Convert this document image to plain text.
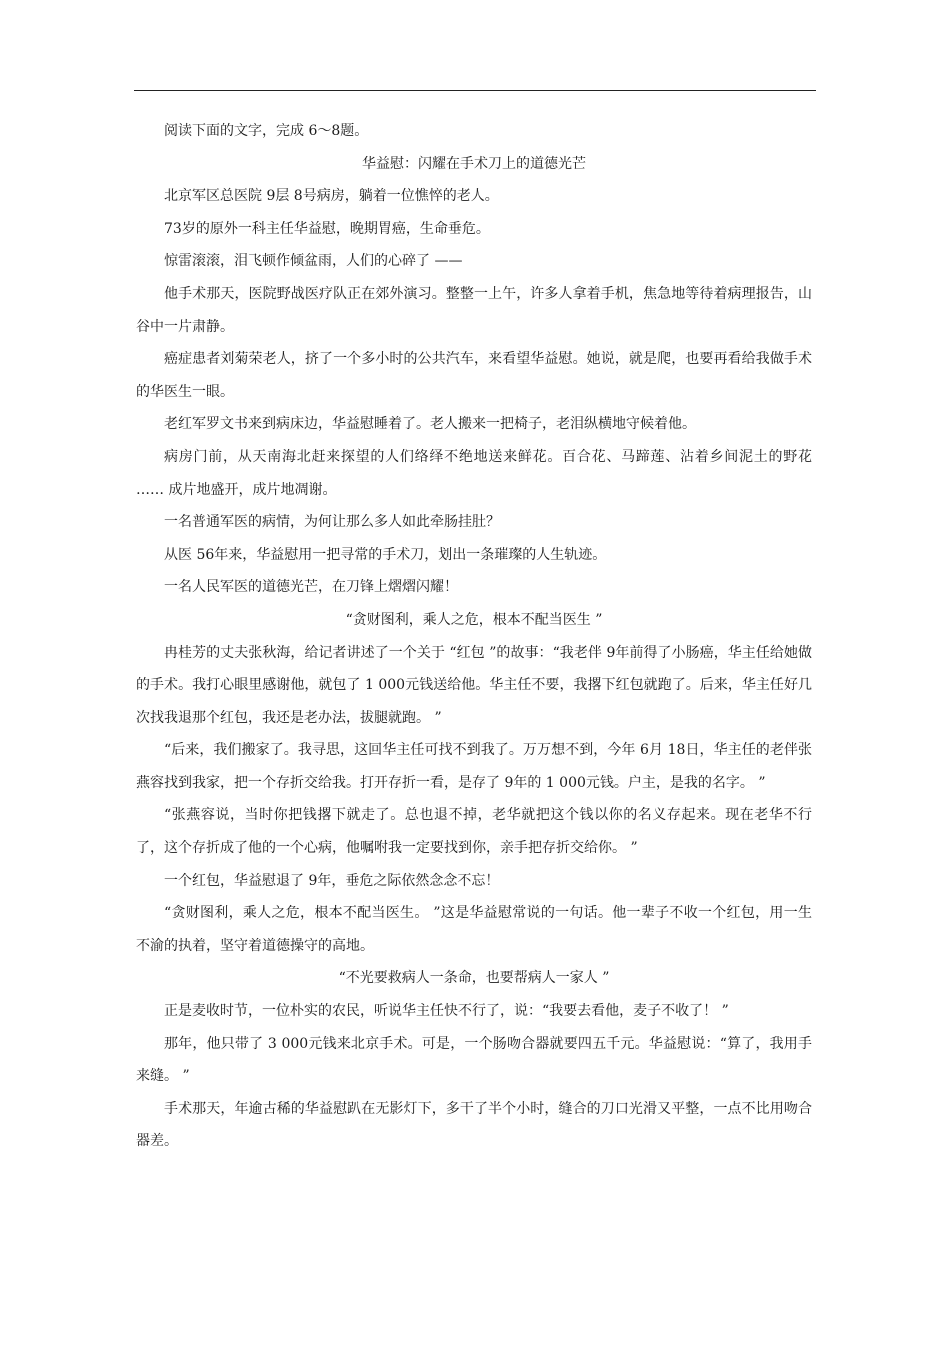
阅读下面的文字，完成 6～8题。

华益慰：闪耀在手术刀上的道德光芒

北京军区总医院 9层 8号病房，躺着一位憔悴的老人。

73岁的原外一科主任华益慰，晚期胃癌，生命垂危。

惊雷滚滚，泪飞顿作倾盆雨，人们的心碎了 ——

他手术那天，医院野战医疗队正在郊外演习。整整一上午，许多人拿着手机，焦急地等待着病理报告，山谷中一片肃静。

癌症患者刘菊荣老人，挤了一个多小时的公共汽车，来看望华益慰。她说，就是爬，也要再看给我做手术的华医生一眼。

老红军罗文书来到病床边，华益慰睡着了。老人搬来一把椅子，老泪纵横地守候着他。

病房门前，从天南海北赶来探望的人们络绎不绝地送来鲜花。百合花、马蹄莲、沾着乡间泥土的野花 …… 成片地盛开，成片地凋谢。

一名普通军医的病情，为何让那么多人如此牵肠挂肚？

从医 56年来，华益慰用一把寻常的手术刀，划出一条璀璨的人生轨迹。

一名人民军医的道德光芒，在刀锋上熠熠闪耀！

“贪财图利，乘人之危，根本不配当医生 ”

冉桂芳的丈夫张秋海，给记者讲述了一个关于 “红包 ”的故事：“我老伴 9年前得了小肠癌，华主任给她做的手术。我打心眼里感谢他，就包了 1 000元钱送给他。华主任不要，我撂下红包就跑了。后来，华主任好几次找我退那个红包，我还是老办法，拔腿就跑。 ”

“后来，我们搬家了。我寻思，这回华主任可找不到我了。万万想不到，今年 6月 18日，华主任的老伴张燕容找到我家，把一个存折交给我。打开存折一看，是存了 9年的 1 000元钱。户主，是我的名字。 ”

“张燕容说，当时你把钱撂下就走了。总也退不掉，老华就把这个钱以你的名义存起来。现在老华不行了，这个存折成了他的一个心病，他嘱咐我一定要找到你，亲手把存折交给你。 ”

一个红包，华益慰退了 9年，垂危之际依然念念不忘！

“贪财图利，乘人之危，根本不配当医生。 ”这是华益慰常说的一句话。他一辈子不收一个红包，用一生不渝的执着，坚守着道德操守的高地。

“不光要救病人一条命，也要帮病人一家人 ”

正是麦收时节，一位朴实的农民，听说华主任快不行了，说：“我要去看他，麦子不收了！ ”

那年，他只带了 3 000元钱来北京手术。可是，一个肠吻合器就要四五千元。华益慰说：“算了，我用手来缝。 ”

手术那天，年逾古稀的华益慰趴在无影灯下，多干了半个小时，缝合的刀口光滑又平整，一点不比用吻合器差。
